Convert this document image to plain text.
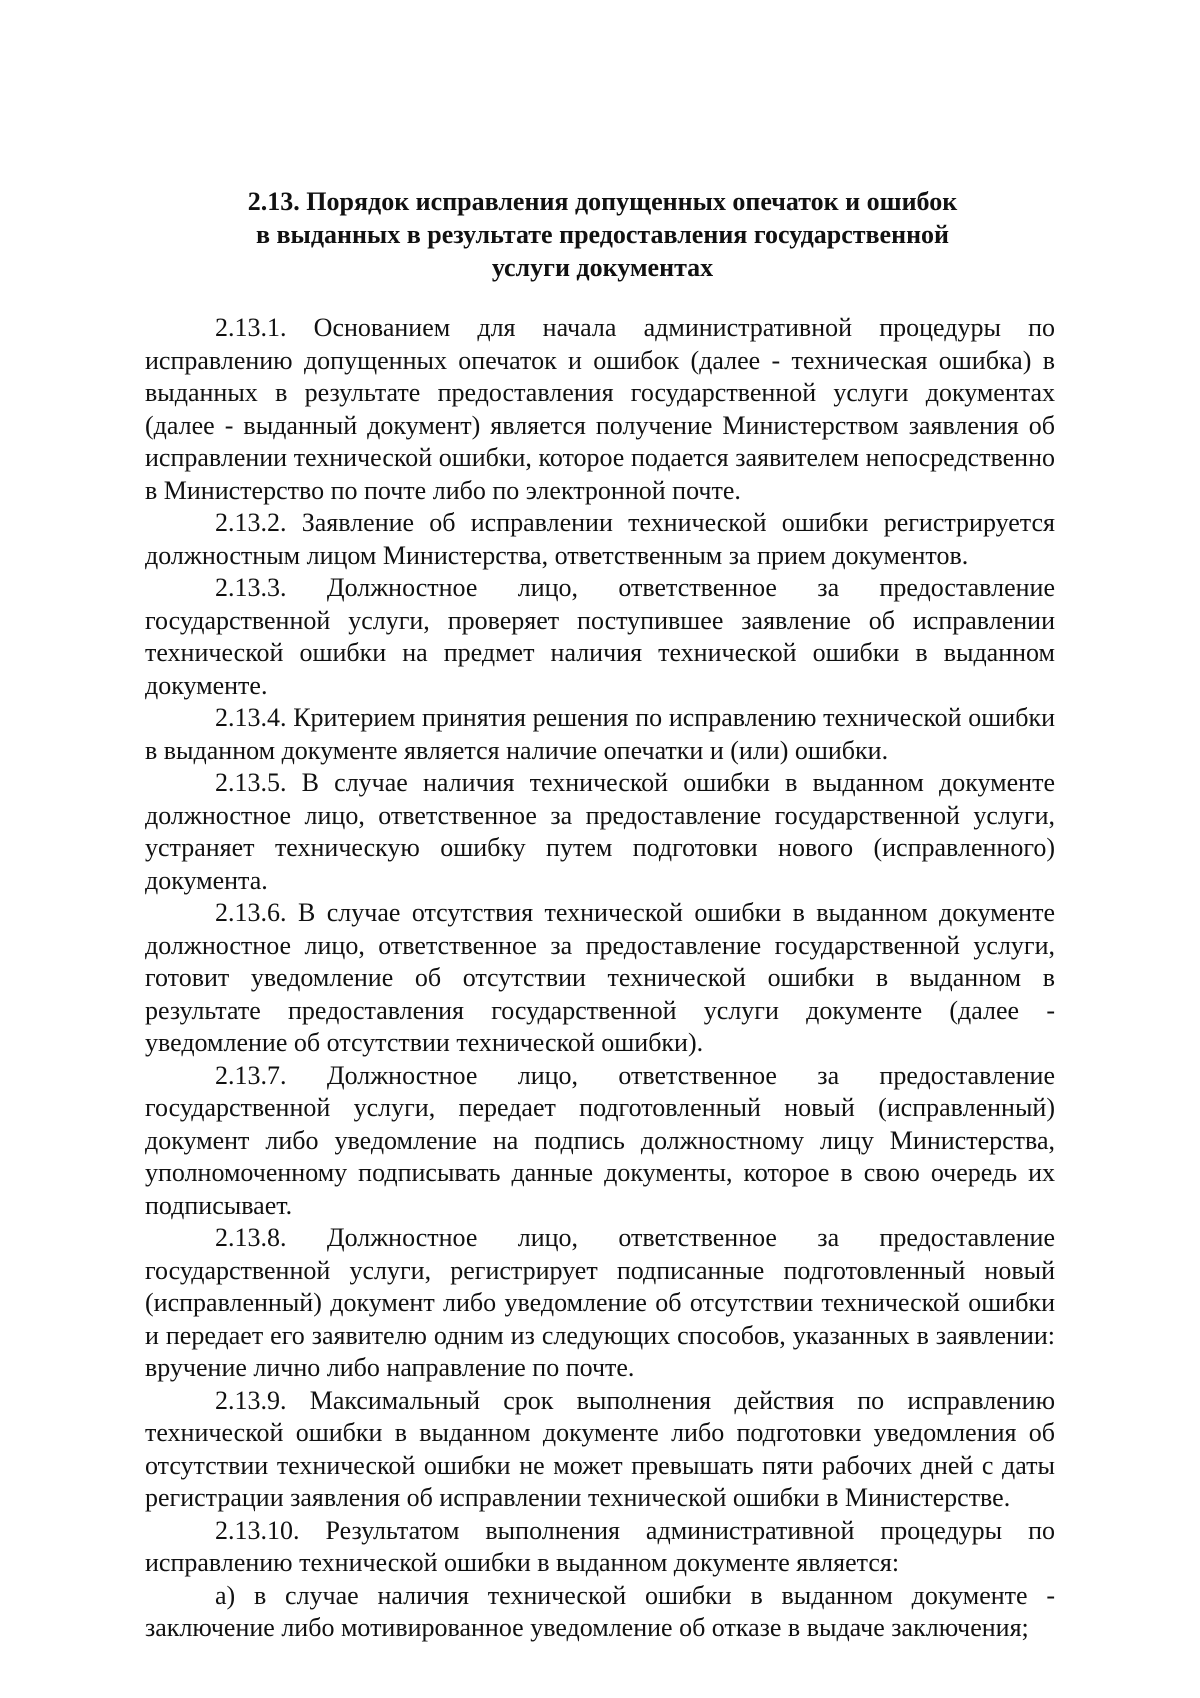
2.13. Порядок исправления допущенных опечаток и ошибок
в выданных в результате предоставления государственной
услуги документах

2.13.1. Основанием для начала административной процедуры по исправлению допущенных опечаток и ошибок (далее - техническая ошибка) в выданных в результате предоставления государственной услуги документах (далее - выданный документ) является получение Министерством заявления об исправлении технической ошибки, которое подается заявителем непосредственно в Министерство по почте либо по электронной почте.

2.13.2. Заявление об исправлении технической ошибки регистрируется должностным лицом Министерства, ответственным за прием документов.

2.13.3. Должностное лицо, ответственное за предоставление государственной услуги, проверяет поступившее заявление об исправлении технической ошибки на предмет наличия технической ошибки в выданном документе.

2.13.4. Критерием принятия решения по исправлению технической ошибки в выданном документе является наличие опечатки и (или) ошибки.

2.13.5. В случае наличия технической ошибки в выданном документе должностное лицо, ответственное за предоставление государственной услуги, устраняет техническую ошибку путем подготовки нового (исправленного) документа.

2.13.6. В случае отсутствия технической ошибки в выданном документе должностное лицо, ответственное за предоставление государственной услуги, готовит уведомление об отсутствии технической ошибки в выданном в результате предоставления государственной услуги документе (далее - уведомление об отсутствии технической ошибки).

2.13.7. Должностное лицо, ответственное за предоставление государственной услуги, передает подготовленный новый (исправленный) документ либо уведомление на подпись должностному лицу Министерства, уполномоченному подписывать данные документы, которое в свою очередь их подписывает.

2.13.8. Должностное лицо, ответственное за предоставление государственной услуги, регистрирует подписанные подготовленный новый (исправленный) документ либо уведомление об отсутствии технической ошибки и передает его заявителю одним из следующих способов, указанных в заявлении: вручение лично либо направление по почте.

2.13.9. Максимальный срок выполнения действия по исправлению технической ошибки в выданном документе либо подготовки уведомления об отсутствии технической ошибки не может превышать пяти рабочих дней с даты регистрации заявления об исправлении технической ошибки в Министерстве.

2.13.10. Результатом выполнения административной процедуры по исправлению технической ошибки в выданном документе является:

а) в случае наличия технической ошибки в выданном документе - заключение либо мотивированное уведомление об отказе в выдаче заключения;
